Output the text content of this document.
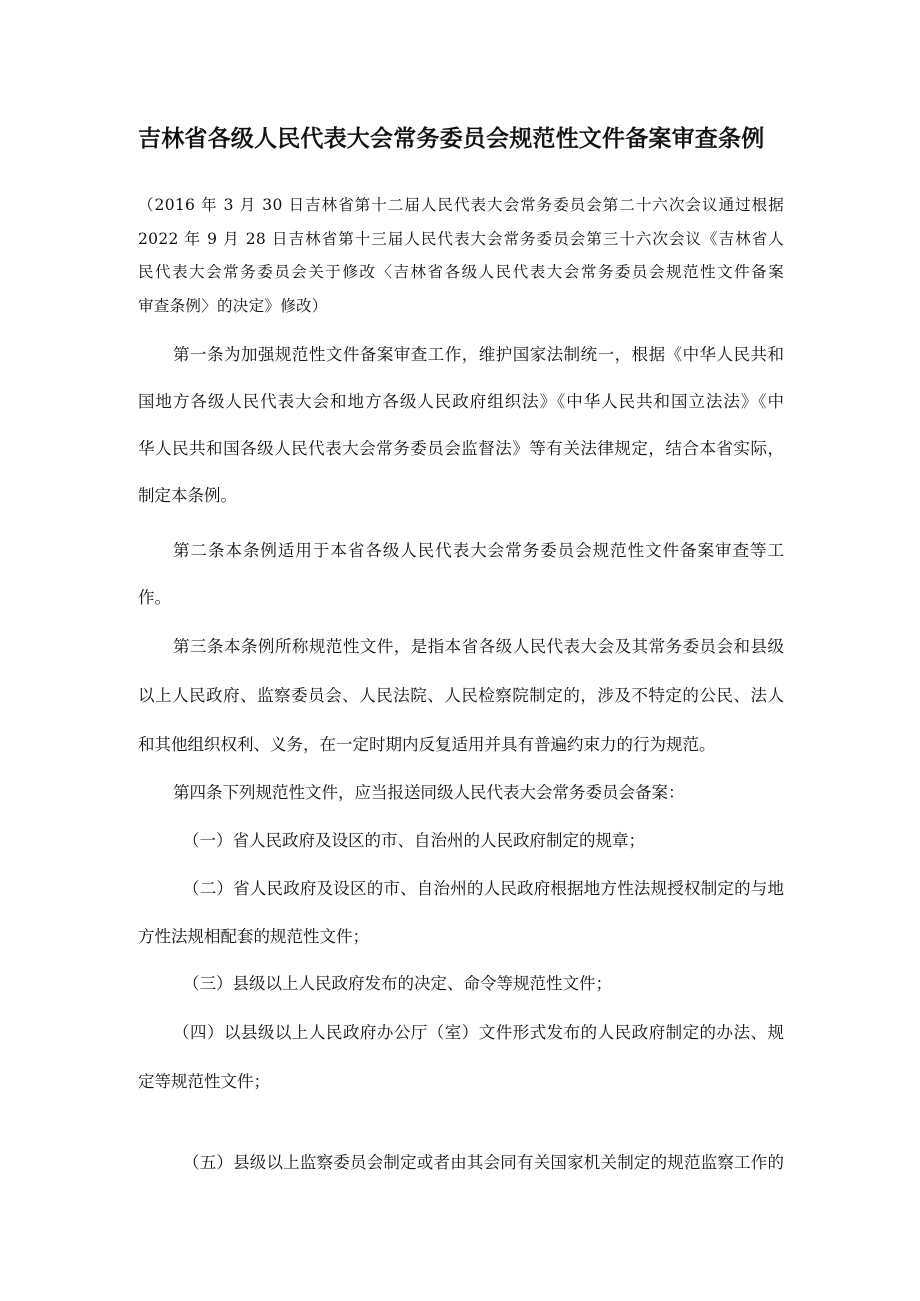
吉林省各级人民代表大会常务委员会规范性文件备案审查条例
（2016 年 3 月 30 日吉林省第十二届人民代表大会常务委员会第二十六次会议通过根据
2022 年 9 月 28 日吉林省第十三届人民代表大会常务委员会第三十六次会议《吉林省人
民代表大会常务委员会关于修改〈吉林省各级人民代表大会常务委员会规范性文件备案
审查条例〉的决定》修改）
第一条为加强规范性文件备案审查工作，维护国家法制统一，根据《中华人民共和
国地方各级人民代表大会和地方各级人民政府组织法》《中华人民共和国立法法》《中
华人民共和国各级人民代表大会常务委员会监督法》等有关法律规定，结合本省实际，
制定本条例。
第二条本条例适用于本省各级人民代表大会常务委员会规范性文件备案审查等工
作。
第三条本条例所称规范性文件，是指本省各级人民代表大会及其常务委员会和县级
以上人民政府、监察委员会、人民法院、人民检察院制定的，涉及不特定的公民、法人
和其他组织权利、义务，在一定时期内反复适用并具有普遍约束力的行为规范。
第四条下列规范性文件，应当报送同级人民代表大会常务委员会备案：
（一）省人民政府及设区的市、自治州的人民政府制定的规章；
（二）省人民政府及设区的市、自治州的人民政府根据地方性法规授权制定的与地
方性法规相配套的规范性文件；
（三）县级以上人民政府发布的决定、命令等规范性文件；
（四）以县级以上人民政府办公厅（室）文件形式发布的人民政府制定的办法、规
定等规范性文件；
（五）县级以上监察委员会制定或者由其会同有关国家机关制定的规范监察工作的
